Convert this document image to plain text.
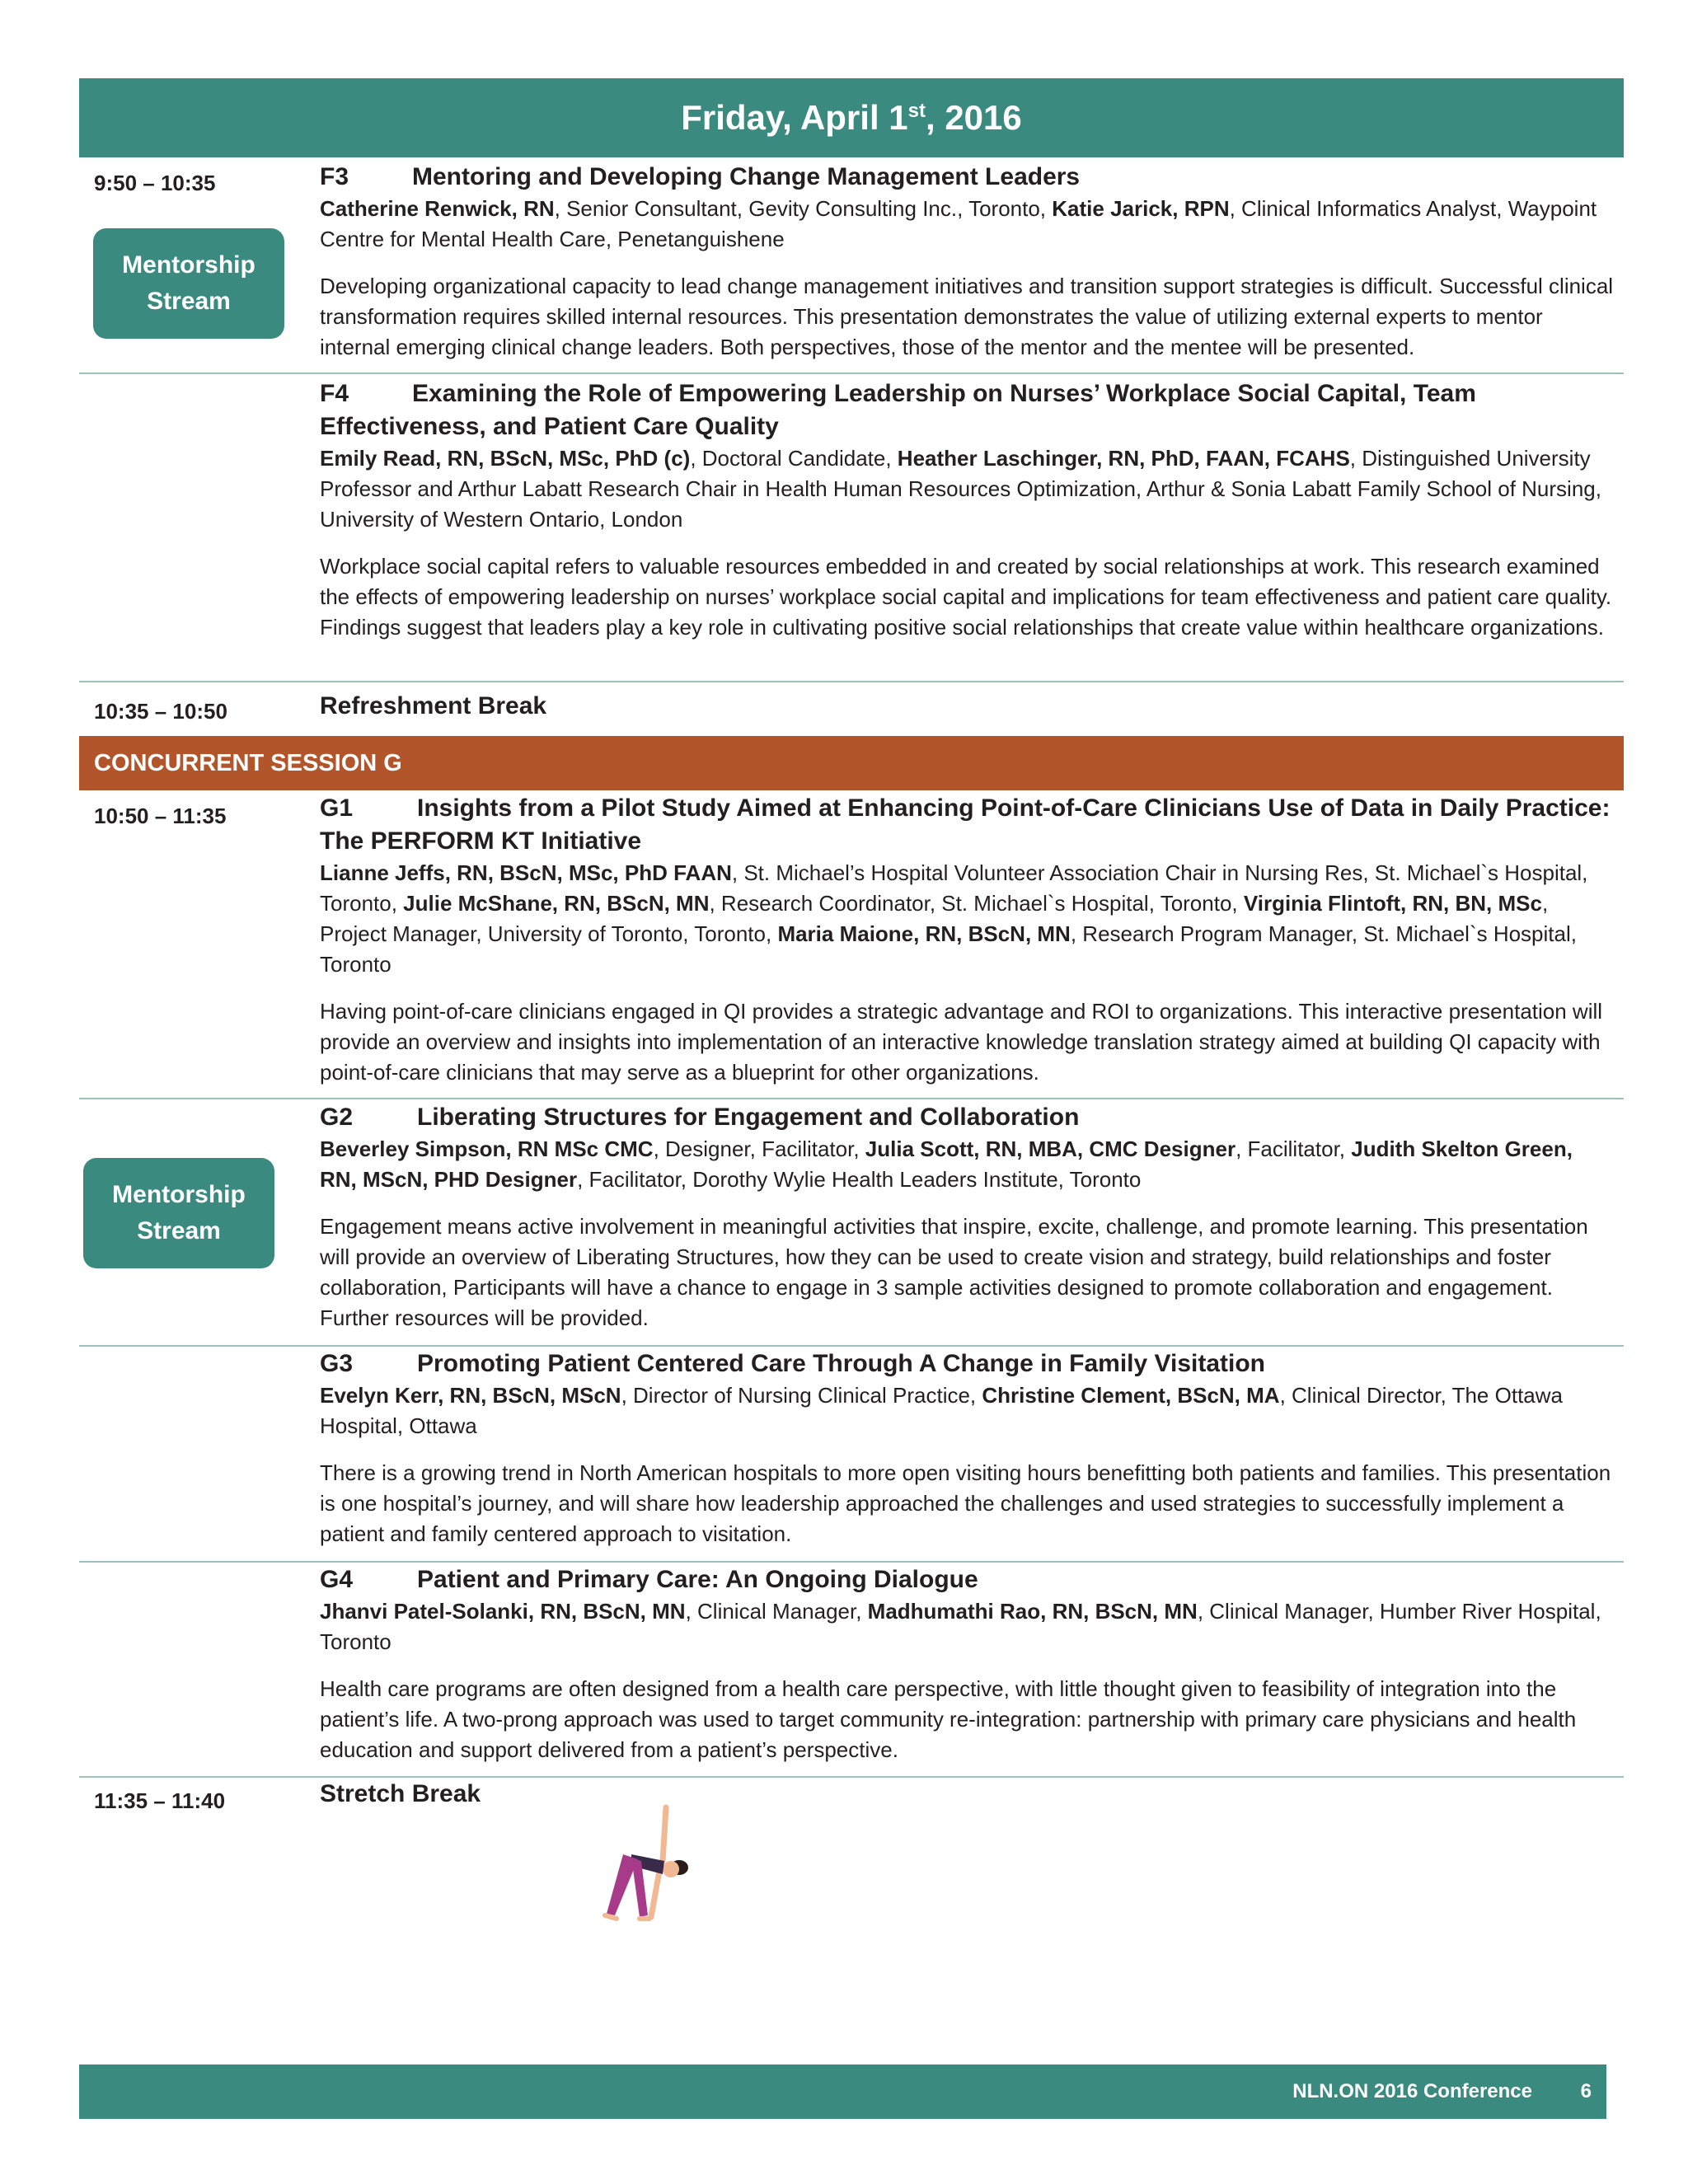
Friday, April 1st, 2016
9:50 – 10:35	F3	Mentoring and Developing Change Management Leaders

Catherine Renwick, RN, Senior Consultant, Gevity Consulting Inc., Toronto, Katie Jarick, RPN, Clinical Informatics Analyst, Waypoint Centre for Mental Health Care, Penetanguishene

Developing organizational capacity to lead change management initiatives and transition support strategies is difficult. Successful clinical transformation requires skilled internal resources. This presentation demonstrates the value of utilizing external experts to mentor internal emerging clinical change leaders. Both perspectives, those of the mentor and the mentee will be presented.

Mentorship
Stream

F4	Examining the Role of Empowering Leadership on Nurses’ Workplace Social Capital, Team Effectiveness, and Patient Care Quality

Emily Read, RN, BScN, MSc, PhD (c), Doctoral Candidate, Heather Laschinger, RN, PhD, FAAN, FCAHS, Distinguished University Professor and Arthur Labatt Research Chair in Health Human Resources Optimization, Arthur & Sonia Labatt Family School of Nursing, University of Western Ontario, London

Workplace social capital refers to valuable resources embedded in and created by social relationships at work. This research examined the effects of empowering leadership on nurses’ workplace social capital and implications for team effectiveness and patient care quality. Findings suggest that leaders play a key role in cultivating positive social relationships that create value within healthcare organizations.

10:35 – 10:50	Refreshment Break
CONCURRENT SESSION G
10:50 – 11:35	G1	Insights from a Pilot Study Aimed at Enhancing Point-of-Care Clinicians Use of Data in Daily Practice: The PERFORM KT Initiative

Lianne Jeffs, RN, BScN, MSc, PhD FAAN, St. Michael’s Hospital Volunteer Association Chair in Nursing Res, St. Michael`s Hospital, Toronto, Julie McShane, RN, BScN, MN, Research Coordinator, St. Michael`s Hospital, Toronto, Virginia Flintoft, RN, BN, MSc, Project Manager, University of Toronto, Toronto, Maria Maione, RN, BScN, MN, Research Program Manager, St. Michael`s Hospital, Toronto

Having point-of-care clinicians engaged in QI provides a strategic advantage and ROI to organizations. This interactive presentation will provide an overview and insights into implementation of an interactive knowledge translation strategy aimed at building QI capacity with point-of-care clinicians that may serve as a blueprint for other organizations.

G2	Liberating Structures for Engagement and Collaboration

Beverley Simpson, RN MSc CMC, Designer, Facilitator, Julia Scott, RN, MBA, CMC Designer, Facilitator, Judith Skelton Green, RN, MScN, PHD Designer, Facilitator, Dorothy Wylie Health Leaders Institute, Toronto

Engagement means active involvement in meaningful activities that inspire, excite, challenge, and promote learning. This presentation will provide an overview of Liberating Structures, how they can be used to create vision and strategy, build relationships and foster collaboration, Participants will have a chance to engage in 3 sample activities designed to promote collaboration and engagement. Further resources will be provided.

Mentorship
Stream

G3	Promoting Patient Centered Care Through A Change in Family Visitation

Evelyn Kerr, RN, BScN, MScN, Director of Nursing Clinical Practice, Christine Clement, BScN, MA, Clinical Director, The Ottawa Hospital, Ottawa

There is a growing trend in North American hospitals to more open visiting hours benefitting both patients and families. This presentation is one hospital’s journey, and will share how leadership approached the challenges and used strategies to successfully implement a patient and family centered approach to visitation.

G4	Patient and Primary Care: An Ongoing Dialogue

Jhanvi Patel-Solanki, RN, BScN, MN, Clinical Manager, Madhumathi Rao, RN, BScN, MN, Clinical Manager, Humber River Hospital, Toronto

Health care programs are often designed from a health care perspective, with little thought given to feasibility of integration into the patient’s life. A two-prong approach was used to target community re-integration: partnership with primary care physicians and health education and support delivered from a patient’s perspective.

11:35 – 11:40	Stretch Break
NLN.ON 2016 Conference 6
